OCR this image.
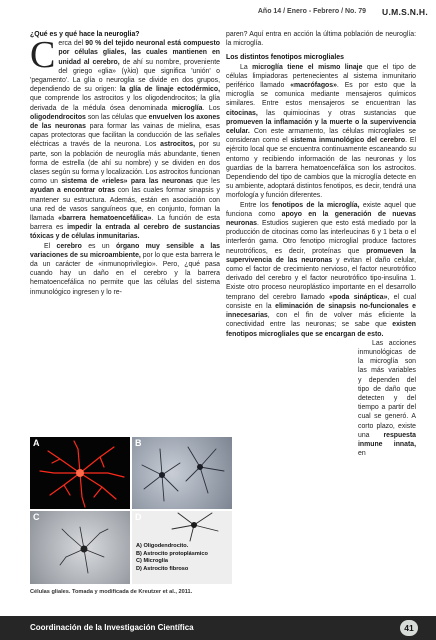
Año 14 / Enero - Febrero / No. 79 U.M.S.N.H.

¿Qué es y qué hace la neuroglia?

Cerca del 90 % del tejido neuronal está compuesto por células gliales, las cuales mantienen en unidad al cerebro, de ahí su nombre, proveniente del griego «glia» (γλία) que significa 'unión' o 'pegamento'. La glía o neuroglia se divide en dos grupos, dependiendo de su origen: la glía de linaje ectodérmico, que comprende los astrocitos y los oligodendrocitos; la glía derivada de la médula ósea denominada microglía. Los oligodendrocitos son las células que envuelven los axones de las neuronas para formar las vainas de mielina, esas capas protectoras que facilitan la conducción de las señales eléctricas a través de la neurona. Los astrocitos, por su parte, son la población de neuroglía más abundante, tienen forma de estrella (de ahí su nombre) y se dividen en dos clases según su forma y localización. Los astrocitos funcionan como un sistema de «rieles» para las neuronas que les ayudan a encontrar otras con las cuales formar sinapsis y mantener su estructura. Además, están en asociación con una red de vasos sanguíneos que, en conjunto, forman la llamada «barrera hematoencefálica». La función de esta barrera es impedir la entrada al cerebro de sustancias tóxicas y de células inmunitarias.

El cerebro es un órgano muy sensible a las variaciones de su microambiente, por lo que esta barrera le da un carácter de «inmunoprivilegio». Pero, ¿qué pasa cuando hay un daño en el cerebro y la barrera hematoencefálica no permite que las células del sistema inmunológico ingresen y lo re-

paren? Aquí entra en acción la última población de neuroglía: la microglía.

Los distintos fenotipos microgliales

La microglía tiene el mismo linaje que el tipo de células limpiadoras pertenecientes al sistema inmunitario periférico llamado «macrófagos». Es por esto que la microglía se comunica mediante mensajeros químicos similares. Entre estos mensajeros se encuentran las citocinas, las quimiocinas y otras sustancias que promueven la inflamación y la muerte o la supervivencia celular. Con este armamento, las células microgliales se consideran como el sistema inmunológico del cerebro. El ejército local que se encuentra continuamente escaneando su entorno y recibiendo información de las neuronas y los guardias de la barrera hematoencefálica son los astrocitos. Dependiendo del tipo de cambios que la microglía detecte en su ambiente, adoptará distintos fenotipos, es decir, tendrá una morfología y función diferentes.

Entre los fenotipos de la microglía, existe aquel que funciona como apoyo en la generación de nuevas neuronas. Estudios sugieren que esto está mediado por la producción de citocinas como las interleucinas 6 y 1 beta o el interferón gama. Otro fenotipo microglial produce factores neurotróficos, es decir, proteínas que promueven la supervivencia de las neuronas y evitan el daño celular, como el factor de crecimiento nervioso, el factor neurotrófico derivado del cerebro y el factor neurotrófico tipo-insulina 1. Existe otro proceso neuroplástico importante en el desarrollo temprano del cerebro llamado «poda sináptica», el cual consiste en la eliminación de sinapsis no-funcionales e innecesarias, con el fin de volver más eficiente la conectividad entre las neuronas; se sabe que existen fenotipos microgliales que se encargan de esto.

Las acciones inmunológicas de la microglía son las más variables y dependen del tipo de daño que detecten y del tiempo a partir del cual se generó. A corto plazo, existe una respuesta inmune innata, en

A	B
C	D
A) Oligodendrocito.
B) Astrocito protoplásmico
C) Microglía
D) Astrocito fibroso
Células gliales. Tomada y modificada de Kreutzer et al., 2011.
Coordinación de la Investigación Científica	41
